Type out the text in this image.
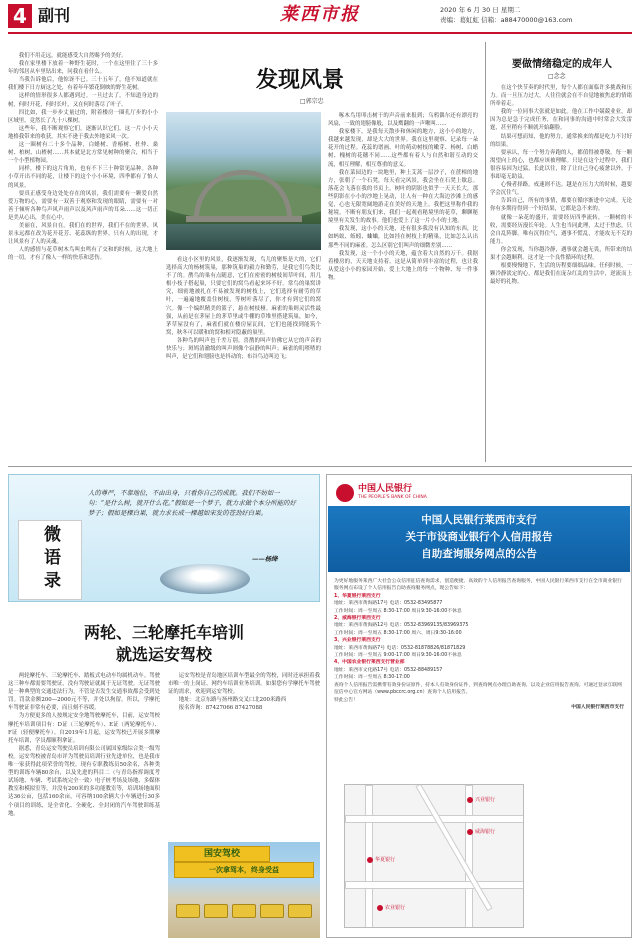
4 副刊	莱西市报	2020 年 6 月 30 日 星期二
责编：葛虹虹 信箱：a88470000@163.com

我们不用走远，就能感受大自然赐予的美好。

我在家里楼下放着一种野生花时，一个在这里住了三十多年的邻居从车里钻出来，问我在看什么。

当我告诉他后，他惊讶不已。三十五年了，他不知道就在我们楼下日方厨这之处，有着年年繁花倒映的野生花树。

这样的情形很多人都遇到过。一旦过去了，不知道身边的树，何时开花，何时长叶，又在何时落尽了叶子。

四比如，我一步步丈量过的，附着楼房一圈孔厅步的小小区域里，竟然长了九十八棵树。

这些年，我不断观察它们，逐渐认识它们。这一片小小天地格我带来的收获，其实不逊于我去外地采风一次。

这一圈树有二十多个品种，白蜡树、香椿树、杜仲、桑树、柏树、山楂树……其本就是北方常见树种的聚合，相当于一个小型植物园。

同样，楼下的这片角角，也有不下三十种常见品种。各种小草开出不同的花，让楼下的这个小小环境，四季都有了怡人的风景。

要真正感受身边处处存在的风景，我们需要有一颗爱自然爱万物的心，需要有一双善于观察和发现的眼睛，需要有一对善于倾听各种鸟声风声雨声以及风声雨声的耳朵……这一切正是美从心出，美在心中。

美丽在，风景自在。我们在的世界，我们不在的世界，风景永远都在改为花开花芳、花蕊纵的世界。只有人的出现，才让风景有了人的灵魂。

人的感情与花草树木鸟叫虫鸣有了交和的时候，这大地上的一切，才有了像人一样的快乐和悲伤。

发现风景
□郭宗忠

看这小区里的风景，我逐渐发现，鸟儿的聚集是大的，它们选择高大的杨树筑巢，那种筑巢的毅力和勤劳，是我它们鸟类比不了的。鹊鸟的巢有点随意，它们在密密的树枝间草叶间，用几根小枝子搭起巢，只要它们的窝鸟看起来坏不好。常鸟的巢窝讲究，细密地被扎在不易被发现的树枝上，它们选择有耐劳的草叶，一遍遍地覆盖住树枝，等树叶落尽了，你才有到它们的窝穴。像一个编织精美的篮子，悬在树枝桠。麻雀的巢则灵活性最强，从前是在茅屋上的茅草里或牛棚的草堆里搭建筑巢，如今，茅草屋没有了，麻雀们就在楼房屋瓦间，它们也能找到能筑个窝，秋冬可以暖和的窝和相对隐蔽的巢里。

各种鸟的叫声也千差万别。喜鹊的叫声仿佛它从它的声音的快乐与；斑鸠清澈级的叫声则像个寂静的叫声；麻雀的叽喳喳的叫声，是它们和翅膀也是抖动的；布谷鸟边叫边飞；

啄木鸟用叩击树干的声音前来报到；乌鸦偶尔还有漂亮的风扇，一致的翅膀像般，以及鹰翻的一声啾叫……

我家楼下，是我每天散步和休闲的地方，这小小的地方，我越来越发现，却是大大的世界。我在这里观察、记录每一朵花开的过程。花蕊的谱画、叶的萌动树枝的嫩芽、杨树、白蜡树、槐树的花穗不同……这些都有着人与自然和谐互动的交流，相互理解，相互尊重的意义。

我在菜园边的一块地里，种上艾蒿一层沙子，在蔗樟的地方，张朝了一个石凳，每天看完风景，我会坐在石凳上歇息。落花会飞落在我的书页上，树叶的阴影也似乎一天天长大，那些阴影在小小的沙地上晃动，让人有一种在大海边沙滩上的感觉，心也无限宽阔地游走在美好的天地上。我把这里称作我的秘境，不断有朋友们来，我们一起观看秘境里的花草，聊聊秘境里有关发生的故事。他们也爱上了这一片小小的土地。

我发现，这小小的天地，还有很多我没有认知的东西，比如蚂蚁、蚯蚓、蛐蛐，比如挂在树枝上的精巢，比如怎么认出那些不同的麻雀。怎么区别它们叫声的细微差别……

我发现，这一个小小的天地，蕴含着大自然的万千。我据着楼房的，天天地支持着。这是从简单到丰富的过程，也让我从爱这小小的家园开始，爱上大地上的每一个物种、每一件事物。

要做情绪稳定的成年人
□念念

在这个快节奏的时代里，每个人都在面临许多挑战和压力。而一旦压力过大，人往往就会在不自觉地被焦虑的情绪所牵着走。

我的一位同事大张就是如此。他在工作中兢兢业业，却因为总是急于完成任务，在和同事的沟通中时常会大发雷霆，甚至稍有不顺就开始翻脸。

结果可想而知，他的努力，通常换来的都是吃力不讨好的结果。

要承认，每一个努力奔跑的人，都值得被尊敬。每一颗渴望向上的心，也都应该被理解。只是在这个过程中，我们很容易因为过猛，长此以往，除了让自己身心疲惫以外，于事却毫无助益。

心慢者择路，戒速则不达。越是在压力大的时候，越要学会沉住气。

告诉自己，所有的事情，都要在循序渐进中完成。无论你有多期待得到一个好结果，它都是急不来的。

就像一朵花的盛开，需要经历四季流转，一颗树的丰收，需要经历漫长年轮。人生也当同此理，太过于焦虑，只会自乱阵脚。唯有沉得住气，遇事不慌乱，才能攻无不克的能力。

你会发现，当你越冷静，遇事就会越无畏，所带来的结果才会越顺利。这才是一个良性循环的过程。

根要慢慢地下，生活的历程要细细品味。任何时候，一颗冷静淡定的心，都是我们在庞杂红乱的生活中，逆流而上最好的礼物。

人的尊严，不靠地位，不由出身，只看你自己的成就。我们不妨如一句：“是什么树，就开什么花。”假如是一个梦子，就力求做个本分所能的好梦子；假如是棵白果，就力求长成一棵越如宋发的苍劲好白果。
——杨绛
微语录
两轮、三轮摩托车培训
就选运安驾校

两轮摩托车、三轮摩托车、踏板式电动车均属机动车。驾驶这三种车都需要驾驶证，没有驾驶证就属于无证驾驶。无证驾驶是一种典型的交通违法行为，不管是否发生交通事故都会受到处罚。罚款金额200—2000元不等，并处以拘留。所以，学摩托车驾驶证非常有必要，而且刻不容缓。

为方便更多的人按规定安全地驾驶摩托车，目前，运安驾校摩托车培训项目有：D证（三轮摩托车）、E证（两轮摩托车）、F证（轻便摩托车）。自2019年1月起，运安驾校已开展多期摩托车培训，学员都顺利拿证。

据悉，青岛运安驾驶员培训有限公司属国家级综合类一级驾校。运安驾校被青岛市评为驾驶员培训行业先进单位，也是我市唯一家获得此项荣誉的驾校。现有专职教练员50余名，各种类型的训练车辆80余台，以及先进的科目二（与青岛指挥调度考试场地、车辆、考试系统完全一致）电子桩考场及场地、多媒体教室和模拟室等，并没有200米的多功能教室等，培训场地面积达36公亩，包括160余亩，可容纳100余辆大小车辆进行30多个项目的训练，是全省化、全硬化、全封闭的汽车驾驶训练基地。

运安驾校是青岛地区培训车型最全的驾校，同时还承担着我市唯一的上岗证、网约车培训业务培训。如果您有学摩托车驾驶证的需求，欢迎到运安驾校。

地址：北京东路与扬州路交叉口北200米路西
报名咨询：87427066 87427088
国安驾校
一次拿驾本，终身受益
中国人民银行
THE PEOPLE'S BANK OF CHINA
中国人民银行莱西市支行
关于市设商业银行个人信用报告
自助查询服务网点的公告
为更好地服务莱西广大社会公众信用征信查询需求，创造便捷、高效的个人信用报告查询服务，中国人民银行莱西市支行在全市商业银行服务网点布设了个人信用报告自助查询服务网点，现公告如下：
1、华夏银行莱西支行
地址：莱西市黄海路17号 电话：0532-83495877
工作时间：周一至周五 8:30-17:00 周日9:30-16:00不休息
2、威海银行莱西支行
地址：莱西市黄海路12号 电话：0532-83969135/83969375
工作时间：周一至周五 8:30-17:00 周六、周日9:30-16:00
3、兴业银行莱西支行
地址：莱西市黄海路7号 电话：0532-81878826/81871829
工作时间：周一至周五 9:00-17:00 周日9:30-16:00不休息
4、中国农业银行莱西支行营业部
地址：莱西市文化路17号 电话：0532-88489157
工作时间：周一至周五 8:30-17:00
查询个人信用报告需携带有效身份证原件，持本人有效身份证件，到查询网点办理自助查询，以及企业信用报告查询。可通过登录互联网征信中心官方网站（www.pbccrc.org.cn）查询个人信用报告。
特此公告！
中国人民银行莱西市支行
兴业银行
威海银行
华夏银行
农业银行
